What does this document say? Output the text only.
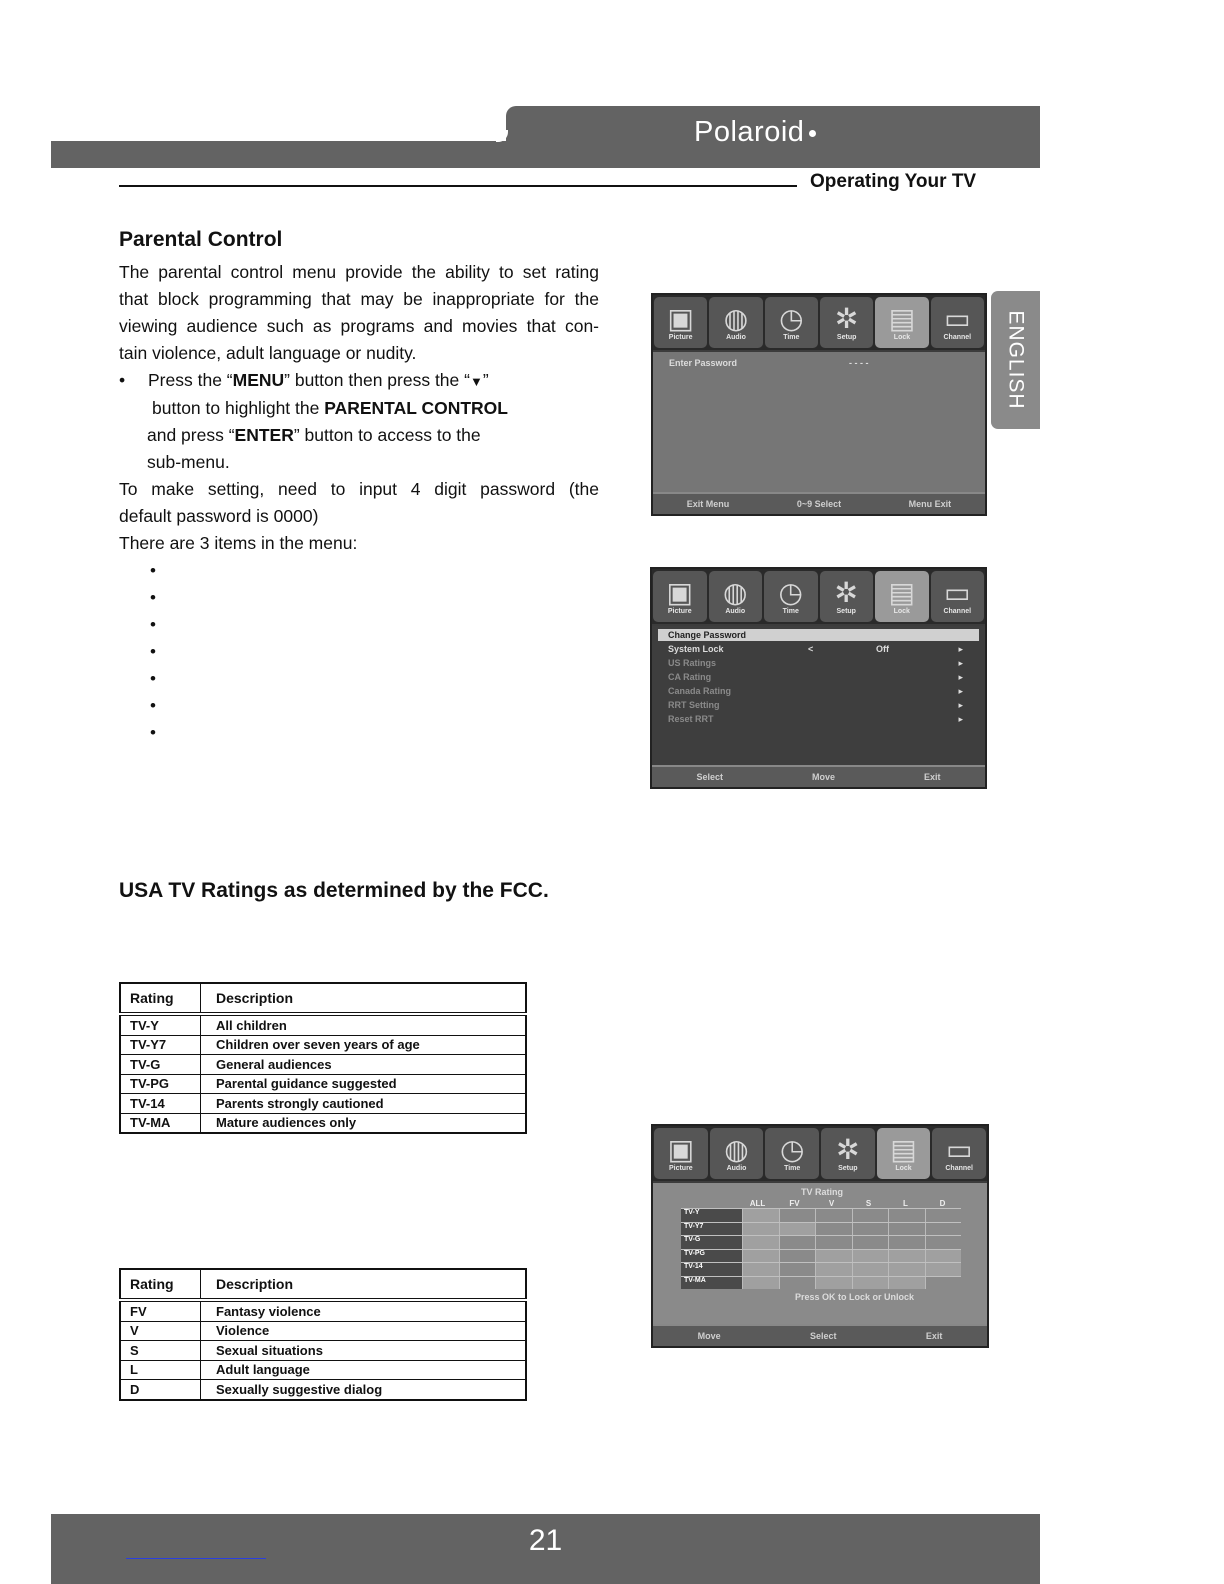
Polaroid
Operating Your TV
ENGLISH
Parental Control

The parental control menu provide the ability to set rating

that block programming that may be inappropriate for the

viewing audience such as programs and movies that con-

tain violence, adult language or nudity.

•	Press the “MENU” button then press the “▼”
button to highlight the PARENTAL CONTROL
and press “ENTER” button to access to the
sub-menu.

To make setting, need to input 4 digit password (the

default password is 0000)

There are 3 items in the menu:

•
•
•
•
•
•
•
▣
Picture
◍
Audio
◷
Time
✲
Setup
▤
Lock
▭
Channel
Enter Password	- - - -
Exit Menu	0~9 Select	Menu Exit
▣
Picture
◍
Audio
◷
Time
✲
Setup
▤
Lock
▭
Channel
Change Password
System Lock	<	Off
US Ratings
CA Rating
Canada Rating
RRT Setting
Reset RRT
▸
▸
▸
▸
▸
▸
Select	Move	Exit
USA TV Ratings as determined by the FCC.
Rating	Description
TV-Y	All children
TV-Y7	Children over seven years of age
TV-G	General audiences
TV-PG	Parental guidance suggested
TV-14	Parents strongly cautioned
TV-MA	Mature audiences only
Rating	Description
FV	Fantasy violence
V	Violence
S	Sexual situations
L	Adult language
D	Sexually suggestive dialog
▣
Picture
◍
Audio
◷
Time
✲
Setup
▤
Lock
▭
Channel
TV Rating
ALL	FV	V	S	L	D
TV-Y
TV-Y7
TV-G
TV-PG
TV-14
TV-MA
Press OK to Lock or Unlock
Move	Select	Exit
21
